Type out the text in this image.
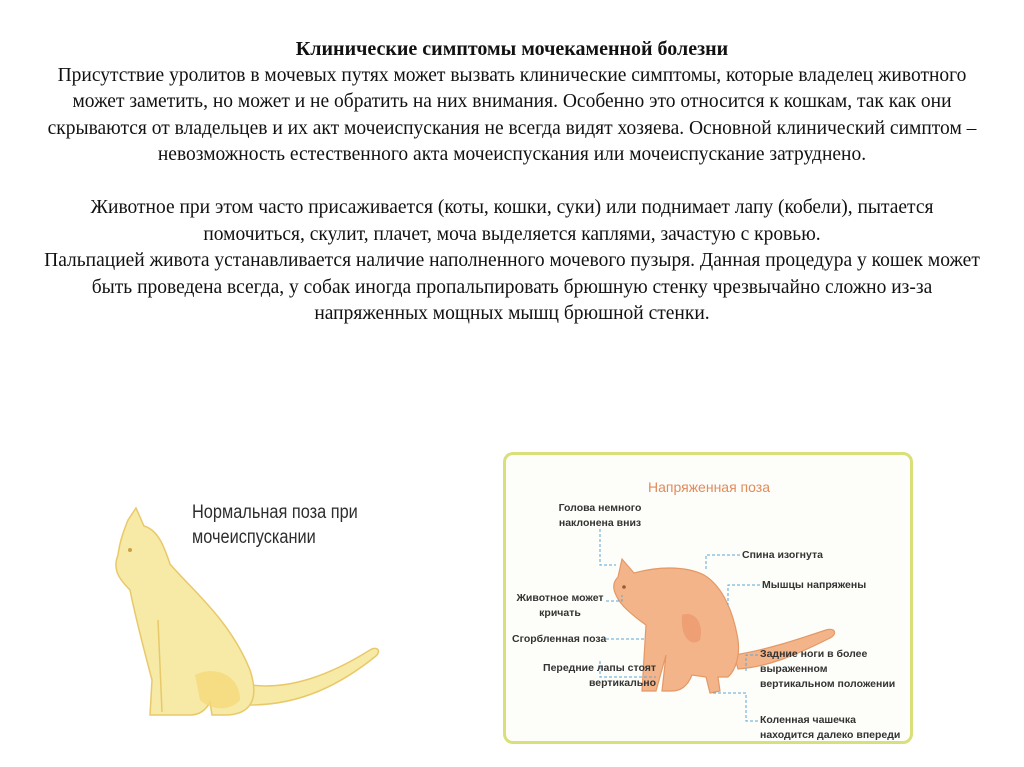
Клинические симптомы мочекаменной болезни
Присутствие уролитов в мочевых путях может вызвать клинические симптомы, которые владелец животного может заметить, но может и не обратить на них внимания. Особенно это относится к кошкам, так как они скрываются от владельцев и их акт мочеиспускания не всегда видят хозяева. Основной клинический симптом – невозможность естественного акта мочеиспускания или мочеиспускание затруднено.
Животное при этом часто присаживается (коты, кошки, суки) или поднимает лапу (кобели), пытается помочиться, скулит, плачет, моча выделяется каплями, зачастую с кровью.
Пальпацией живота устанавливается наличие наполненного мочевого пузыря. Данная процедура у кошек может быть проведена всегда, у собак иногда пропальпировать брюшную стенку чрезвычайно сложно из-за напряженных мощных мышц брюшной стенки.
Нормальная поза при мочеиспускании
Напряженная поза
Голова немного наклонена вниз
Спина изогнута
Мышцы напряжены
Животное может кричать
Сгорбленная поза
Передние лапы стоят вертикально
Задние ноги в более выраженном вертикальном положении
Коленная чашечка находится далеко впереди
